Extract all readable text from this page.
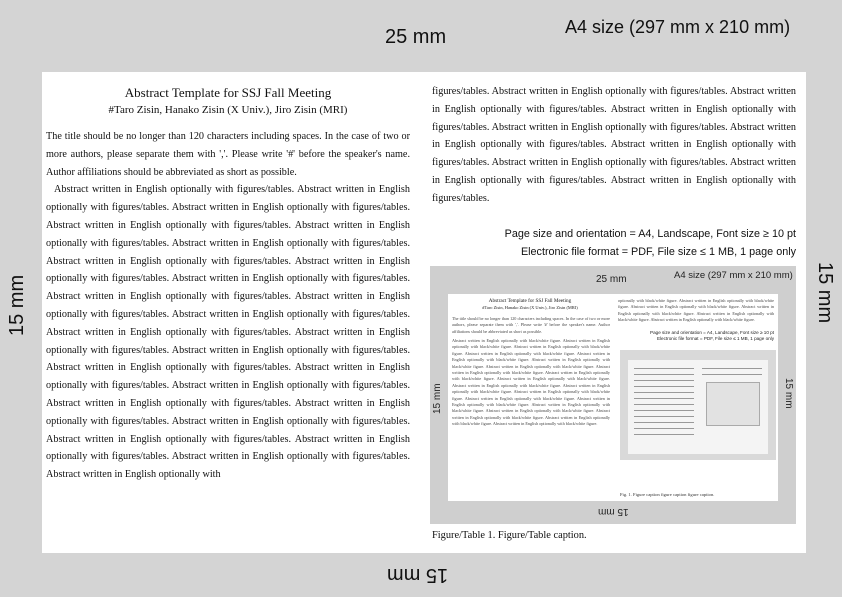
25 mm	A4 size (297 mm x 210 mm)
15 mm	15 mm
15 mm

Abstract Template for SSJ Fall Meeting

#Taro Zisin, Hanako Zisin (X Univ.), Jiro Zisin (MRI)

The title should be no longer than 120 characters including spaces. In the case of two or more authors, please separate them with ','. Please write '#' before the speaker's name. Author affiliations should be abbreviated as short as possible.

Abstract written in English optionally with figures/tables. Abstract written in English optionally with figures/tables. Abstract written in English optionally with figures/tables. Abstract written in English optionally with figures/tables. Abstract written in English optionally with figures/tables. Abstract written in English optionally with figures/tables. Abstract written in English optionally with figures/tables. Abstract written in English optionally with figures/tables. Abstract written in English optionally with figures/tables. Abstract written in English optionally with figures/tables. Abstract written in English optionally with figures/tables. Abstract written in English optionally with figures/tables. Abstract written in English optionally with figures/tables. Abstract written in English optionally with figures/tables. Abstract written in English optionally with figures/tables. Abstract written in English optionally with figures/tables. Abstract written in English optionally with figures/tables. Abstract written in English optionally with figures/tables. Abstract written in English optionally with figures/tables. Abstract written in English optionally with figures/tables. Abstract written in English optionally with figures/tables. Abstract written in English optionally with figures/tables. Abstract written in English optionally with figures/tables. Abstract written in English optionally with figures/tables. Abstract written in English optionally with

figures/tables. Abstract written in English optionally with figures/tables. Abstract written in English optionally with figures/tables. Abstract written in English optionally with figures/tables. Abstract written in English optionally with figures/tables. Abstract written in English optionally with figures/tables. Abstract written in English optionally with figures/tables. Abstract written in English optionally with figures/tables. Abstract written in English optionally with figures/tables. Abstract written in English optionally with figures/tables.

Page size and orientation = A4, Landscape, Font size ≥ 10 pt
Electronic file format = PDF, File size ≤ 1 MB, 1 page only
25 mm	A4 size (297 mm x 210 mm)
15 mm	15 mm
15 mm
Abstract Template for SSJ Fall Meeting
#Taro Zisin, Hanako Zisin (X Univ.), Jiro Zisin (MRI)
The title should be no longer than 120 characters including spaces. In the case of two or more authors, please separate them with ','. Please write '#' before the speaker's name. Author affiliations should be abbreviated as short as possible.
Abstract written in English optionally with black/white figure. Abstract written in English optionally with black/white figure. Abstract written in English optionally with black/white figure. Abstract written in English optionally with black/white figure. Abstract written in English optionally with black/white figure. Abstract written in English optionally with black/white figure. Abstract written in English optionally with black/white figure. Abstract written in English optionally with black/white figure. Abstract written in English optionally with black/white figure. Abstract written in English optionally with black/white figure. Abstract written in English optionally with black/white figure. Abstract written in English optionally with black/white figure. Abstract written in English optionally with black/white figure. Abstract written in English optionally with black/white figure. Abstract written in English optionally with black/white figure. Abstract written in English optionally with black/white figure. Abstract written in English optionally with black/white figure. Abstract written in English optionally with black/white figure. Abstract written in English optionally with black/white figure. Abstract written in English optionally with black/white figure.
optionally with black/white figure. Abstract written in English optionally with black/white figure. Abstract written in English optionally with black/white figure. Abstract written in English optionally with black/white figure. Abstract written in English optionally with black/white figure. Abstract written in English optionally with black/white figure.
Page size and orientation = A4, Landscape, Font size ≥ 10 pt
Electronic file format = PDF, File size ≤ 1 MB, 1 page only
Fig. 1. Figure caption figure caption figure caption.
Figure/Table 1. Figure/Table caption.
